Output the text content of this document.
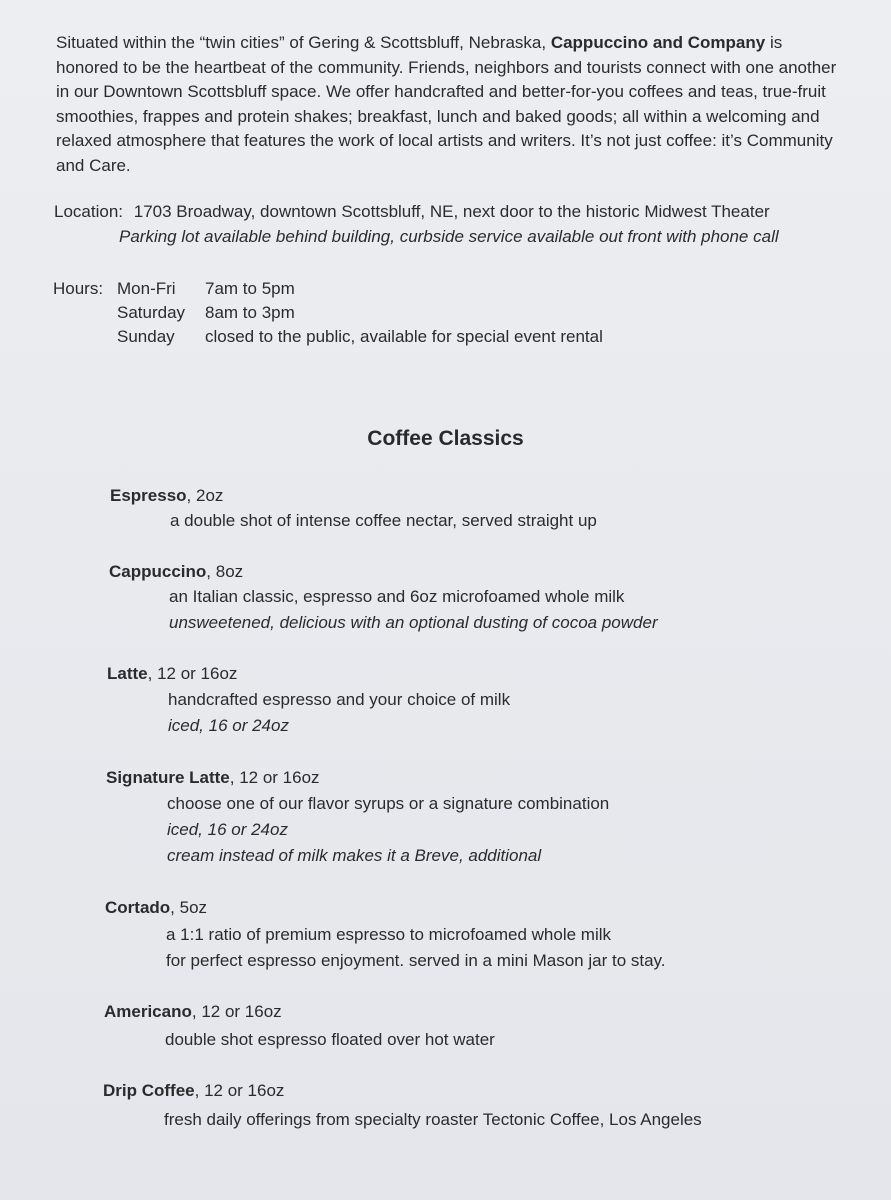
Situated within the “twin cities” of Gering & Scottsbluff, Nebraska, Cappuccino and Company is honored to be the heartbeat of the community. Friends, neighbors and tourists connect with one another in our Downtown Scottsbluff space. We offer handcrafted and better-for-you coffees and teas, true-fruit smoothies, frappes and protein shakes; breakfast, lunch and baked goods; all within a welcoming and relaxed atmosphere that features the work of local artists and writers. It’s not just coffee: it’s Community and Care.
Location: 1703 Broadway, downtown Scottsbluff, NE, next door to the historic Midwest Theater
Parking lot available behind building, curbside service available out front with phone call
Hours: Mon-Fri 7am to 5pm
Saturday 8am to 3pm
Sunday closed to the public, available for special event rental
Coffee Classics
Espresso, 2oz
a double shot of intense coffee nectar, served straight up
Cappuccino, 8oz
an Italian classic, espresso and 6oz microfoamed whole milk
unsweetened, delicious with an optional dusting of cocoa powder
Latte, 12 or 16oz
handcrafted espresso and your choice of milk
iced, 16 or 24oz
Signature Latte, 12 or 16oz
choose one of our flavor syrups or a signature combination
iced, 16 or 24oz
cream instead of milk makes it a Breve, additional
Cortado, 5oz
a 1:1 ratio of premium espresso to microfoamed whole milk
for perfect espresso enjoyment. served in a mini Mason jar to stay.
Americano, 12 or 16oz
double shot espresso floated over hot water
Drip Coffee, 12 or 16oz
fresh daily offerings from specialty roaster Tectonic Coffee, Los Angeles
